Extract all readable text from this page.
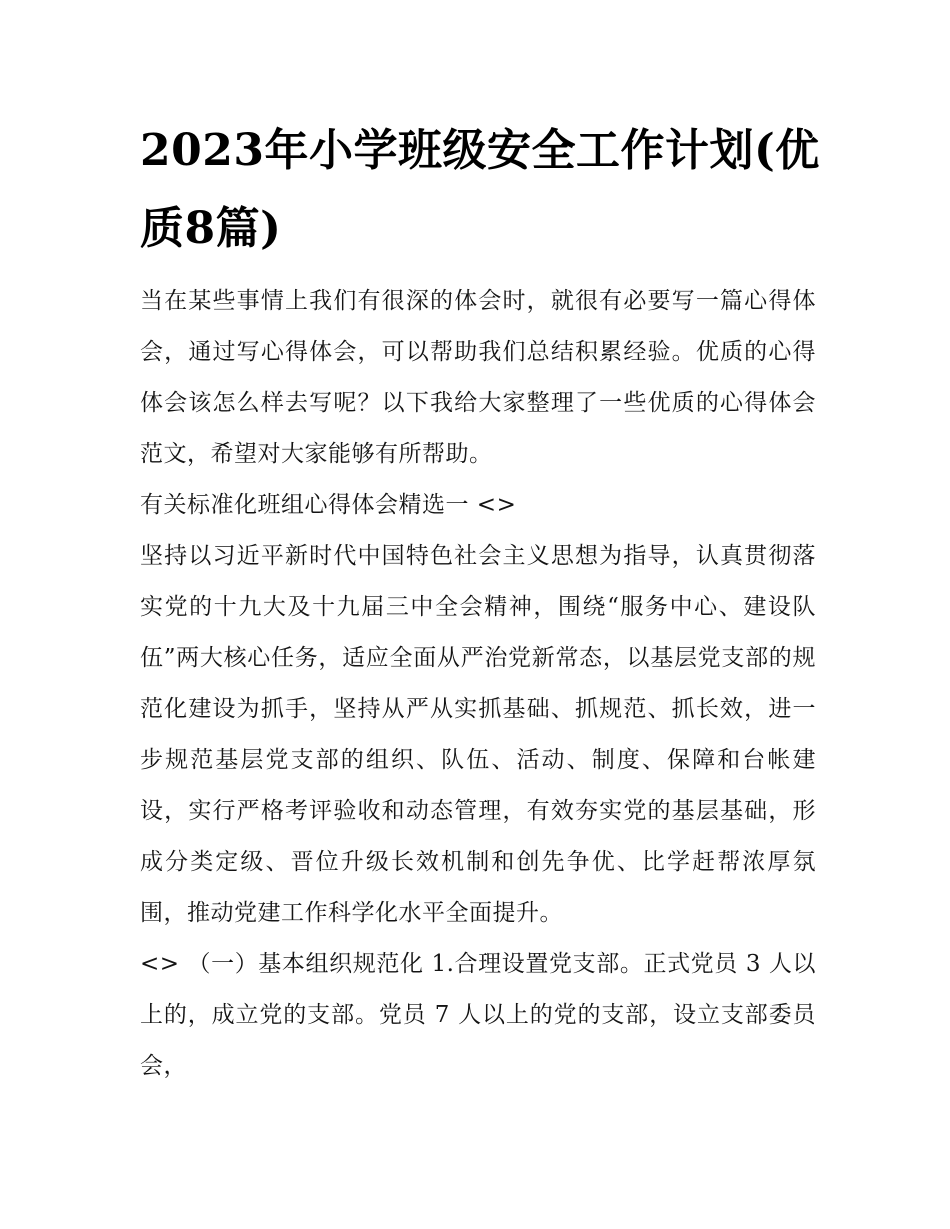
2023年小学班级安全工作计划(优质8篇)

当在某些事情上我们有很深的体会时，就很有必要写一篇心得体会，通过写心得体会，可以帮助我们总结积累经验。优质的心得体会该怎么样去写呢？以下我给大家整理了一些优质的心得体会范文，希望对大家能够有所帮助。

有关标准化班组心得体会精选一 <>

坚持以习近平新时代中国特色社会主义思想为指导，认真贯彻落实党的十九大及十九届三中全会精神，围绕“服务中心、建设队伍”两大核心任务，适应全面从严治党新常态，以基层党支部的规范化建设为抓手，坚持从严从实抓基础、抓规范、抓长效，进一步规范基层党支部的组织、队伍、活动、制度、保障和台帐建设，实行严格考评验收和动态管理，有效夯实党的基层基础，形成分类定级、晋位升级长效机制和创先争优、比学赶帮浓厚氛围，推动党建工作科学化水平全面提升。

<> （一）基本组织规范化 1.合理设置党支部。正式党员 3 人以上的，成立党的支部。党员 7 人以上的党的支部，设立支部委员会，
